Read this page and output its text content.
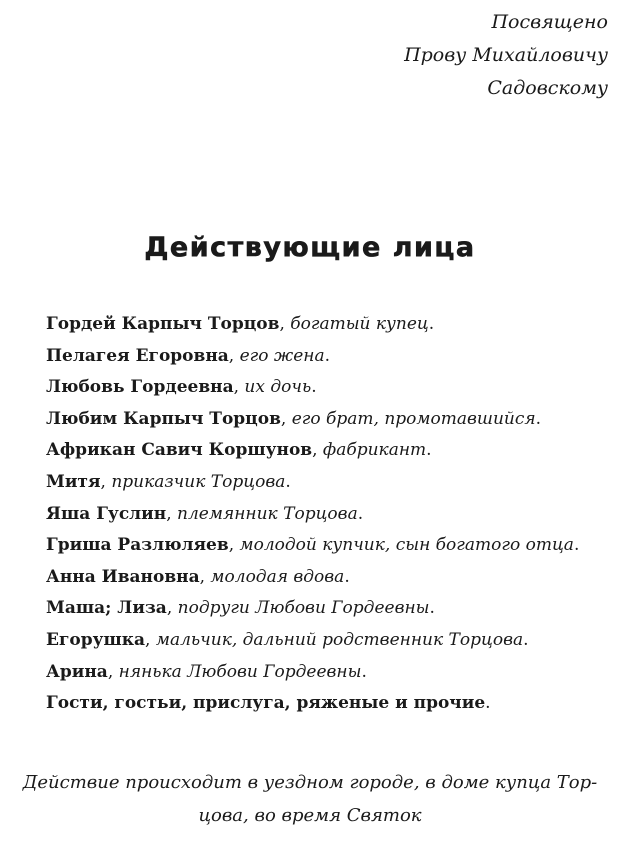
Посвящено
Прову Михайловичу
Садовскому
Действующие лица
Гордей Карпыч Торцов, богатый купец.
Пелагея Егоровна, его жена.
Любовь Гордеевна, их дочь.
Любим Карпыч Торцов, его брат, промотавшийся.
Африкан Савич Коршунов, фабрикант.
Митя, приказчик Торцова.
Яша Гуслин, племянник Торцова.
Гриша Разлюляев, молодой купчик, сын богатого отца.
Анна Ивановна, молодая вдова.
Маша; Лиза, подруги Любови Гордеевны.
Егорушка, мальчик, дальний родственник Торцова.
Арина, нянька Любови Гордеевны.
Гости, гостьи, прислуга, ряженые и прочие.
Действие происходит в уездном городе, в доме купца Тор-
цова, во время Святок
